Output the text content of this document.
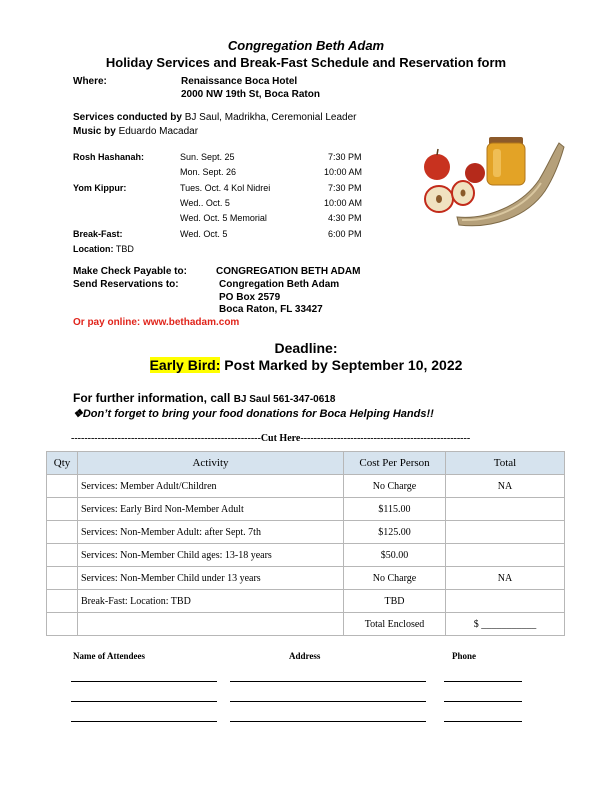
Congregation Beth Adam
Holiday Services and Break-Fast Schedule and Reservation form
Where:	Renaissance Boca Hotel
2000 NW 19th St, Boca Raton
Services conducted by BJ Saul, Madrikha, Ceremonial Leader
Music by Eduardo Macadar
Rosh Hashanah:	Sun. Sept. 25	7:30 PM
Mon. Sept. 26	10:00 AM
Yom Kippur:	Tues. Oct. 4 Kol Nidrei	7:30 PM
Wed.. Oct. 5	10:00 AM
Wed. Oct. 5 Memorial	4:30 PM
Break-Fast:	Wed. Oct. 5	6:00 PM
Location: TBD
Make Check Payable to:	CONGREGATION BETH ADAM
Send Reservations to:	Congregation Beth Adam
PO Box 2579
Boca Raton, FL 33427
Or pay online: www.bethadam.com
Deadline:
Early Bird: Post Marked by September 10, 2022
For further information, call BJ Saul 561-347-0618
❖Don’t forget to bring your food donations for Boca Helping Hands!!
---------------------------------------------------------Cut Here---------------------------------------------------
Qty	Activity	Cost Per Person	Total
	Services: Member Adult/Children	No Charge	NA
	Services: Early Bird Non-Member Adult	$115.00	
	Services: Non-Member Adult: after Sept. 7th	$125.00	
	Services: Non-Member Child ages: 13-18 years	$50.00	
	Services: Non-Member Child under 13 years	No Charge	NA
	Break-Fast: Location: TBD	TBD	
		Total Enclosed	$ ___________
Name of Attendees	Address	Phone
